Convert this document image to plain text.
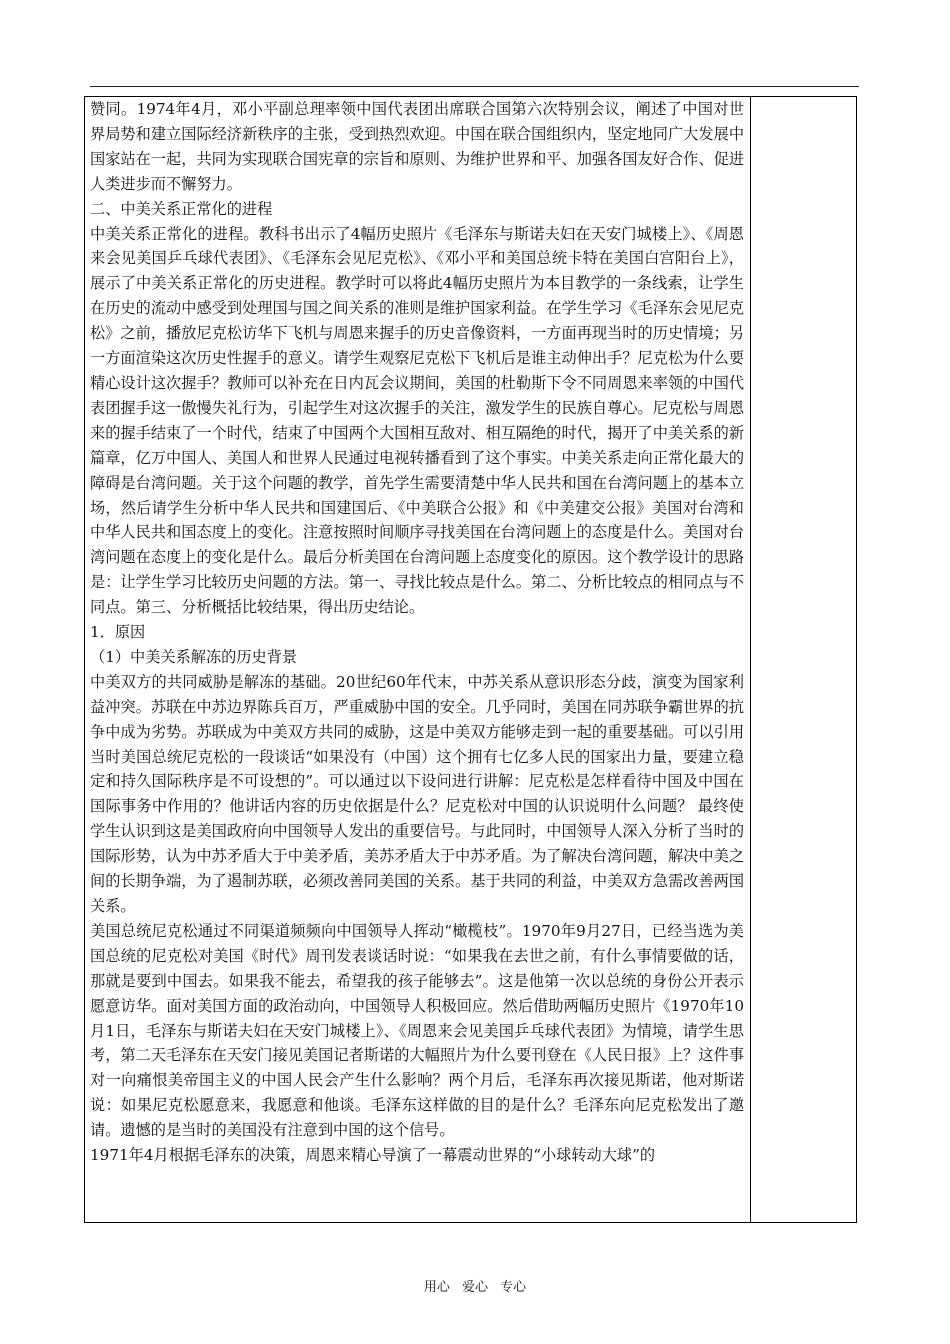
赞同。1974年4月，邓小平副总理率领中国代表团出席联合国第六次特别会议，阐述了中国对世界局势和建立国际经济新秩序的主张，受到热烈欢迎。中国在联合国组织内，坚定地同广大发展中国家站在一起，共同为实现联合国宪章的宗旨和原则、为维护世界和平、加强各国友好合作、促进人类进步而不懈努力。

二、中美关系正常化的进程

中美关系正常化的进程。教科书出示了4幅历史照片《毛泽东与斯诺夫妇在天安门城楼上》、《周恩来会见美国乒乓球代表团》、《毛泽东会见尼克松》、《邓小平和美国总统卡特在美国白宫阳台上》，展示了中美关系正常化的历史进程。教学时可以将此4幅历史照片为本目教学的一条线索，让学生在历史的流动中感受到处理国与国之间关系的准则是维护国家利益。在学生学习《毛泽东会见尼克松》之前，播放尼克松访华下飞机与周恩来握手的历史音像资料，一方面再现当时的历史情境；另一方面渲染这次历史性握手的意义。请学生观察尼克松下飞机后是谁主动伸出手？尼克松为什么要精心设计这次握手？教师可以补充在日内瓦会议期间，美国的杜勒斯下令不同周恩来率领的中国代表团握手这一傲慢失礼行为，引起学生对这次握手的关注，激发学生的民族自尊心。尼克松与周恩来的握手结束了一个时代，结束了中国两个大国相互敌对、相互隔绝的时代，揭开了中美关系的新篇章，亿万中国人、美国人和世界人民通过电视转播看到了这个事实。中美关系走向正常化最大的障碍是台湾问题。关于这个问题的教学，首先学生需要清楚中华人民共和国在台湾问题上的基本立场，然后请学生分析中华人民共和国建国后、《中美联合公报》和《中美建交公报》美国对台湾和中华人民共和国态度上的变化。注意按照时间顺序寻找美国在台湾问题上的态度是什么。美国对台湾问题在态度上的变化是什么。最后分析美国在台湾问题上态度变化的原因。这个教学设计的思路是：让学生学习比较历史问题的方法。第一、寻找比较点是什么。第二、分析比较点的相同点与不同点。第三、分析概括比较结果，得出历史结论。

1．原因

（1）中美关系解冻的历史背景

中美双方的共同威胁是解冻的基础。20世纪60年代末，中苏关系从意识形态分歧，演变为国家利益冲突。苏联在中苏边界陈兵百万，严重威胁中国的安全。几乎同时，美国在同苏联争霸世界的抗争中成为劣势。苏联成为中美双方共同的威胁，这是中美双方能够走到一起的重要基础。可以引用当时美国总统尼克松的一段谈话“如果没有（中国）这个拥有七亿多人民的国家出力量，要建立稳定和持久国际秩序是不可设想的”。可以通过以下设问进行讲解：尼克松是怎样看待中国及中国在国际事务中作用的？他讲话内容的历史依据是什么？尼克松对中国的认识说明什么问题？ 最终使学生认识到这是美国政府向中国领导人发出的重要信号。与此同时，中国领导人深入分析了当时的国际形势，认为中苏矛盾大于中美矛盾，美苏矛盾大于中苏矛盾。为了解决台湾问题，解决中美之间的长期争端，为了遏制苏联，必须改善同美国的关系。基于共同的利益，中美双方急需改善两国关系。

美国总统尼克松通过不同渠道频频向中国领导人挥动“橄榄枝”。1970年9月27日，已经当选为美国总统的尼克松对美国《时代》周刊发表谈话时说：“如果我在去世之前，有什么事情要做的话，那就是要到中国去。如果我不能去，希望我的孩子能够去”。这是他第一次以总统的身份公开表示愿意访华。面对美国方面的政治动向，中国领导人积极回应。然后借助两幅历史照片《1970年10月1日，毛泽东与斯诺夫妇在天安门城楼上》、《周恩来会见美国乒乓球代表团》为情境，请学生思考，第二天毛泽东在天安门接见美国记者斯诺的大幅照片为什么要刊登在《人民日报》上？这件事对一向痛恨美帝国主义的中国人民会产生什么影响？两个月后，毛泽东再次接见斯诺，他对斯诺说：如果尼克松愿意来，我愿意和他谈。毛泽东这样做的目的是什么？毛泽东向尼克松发出了邀请。遗憾的是当时的美国没有注意到中国的这个信号。

1971年4月根据毛泽东的决策，周恩来精心导演了一幕震动世界的“小球转动大球”的

用心 爱心 专心
